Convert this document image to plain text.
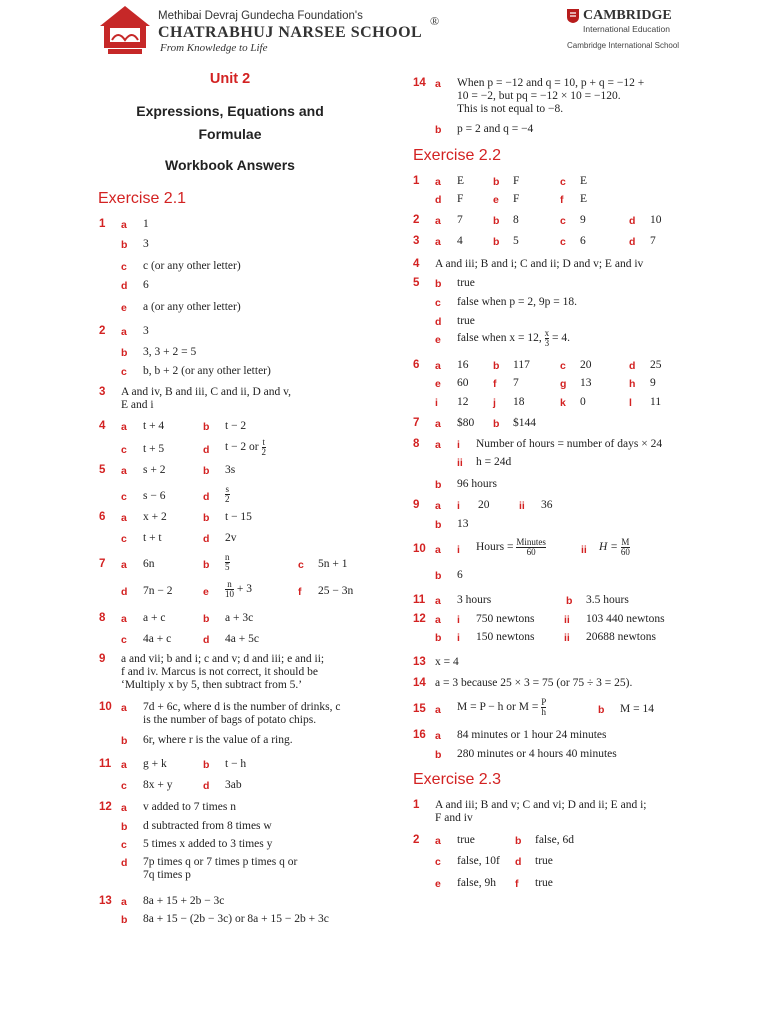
Methibai Devraj Gundecha Foundation's
CHATRABHUJ NARSEE SCHOOL
®
From Knowledge to Life
CAMBRIDGE
International Education
Cambridge International School
Unit 2
Expressions, Equations and
Formulae
Workbook Answers
Exercise 2.1
1 a 1
b 3
c c (or any other letter)
d 6
e a (or any other letter)
2 a 3
b 3, 3 + 2 = 5
c b, b + 2 (or any other letter)
3 A and iv, B and iii, C and ii, D and v,
E and i
4 a t + 4	b t − 2
c t + 5	d t − 2 or $\frac{t}{2}$
5 a s + 2	b 3s
c s − 6	d $\frac{s}{2}$
6 a x + 2	b t − 15
c t + t	d 2v
7 a 6n	b $\frac{n}{5}$	c 5n + 1
d 7n − 2	e $\frac{n}{10} + 3$	f 25 − 3n
8 a a + c	b a + 3c
c 4a + c	d 4a + 5c
9 a and vii; b and i; c and v; d and iii; e and ii;
f and iv. Marcus is not correct, it should be
‘Multiply x by 5, then subtract from 5.’
10 a 7d + 6c, where d is the number of drinks, c
is the number of bags of potato chips.
b 6r, where r is the value of a ring.
11 a g + k	b t − h
c 8x + y	d 3ab
12 a v added to 7 times n
b d subtracted from 8 times w
c 5 times x added to 3 times y
d 7p times q or 7 times p times q or
7q times p
13 a 8a + 15 + 2b − 3c
b 8a + 15 − (2b − 3c) or 8a + 15 − 2b + 3c
14 a When p = −12 and q = 10, p + q = −12 +
10 = −2, but pq = −12 × 10 = −120.
This is not equal to −8.
b p = 2 and q = −4
Exercise 2.2
1 a E	b F	c E
d F	e F	f E
2 a 7	b 8	c 9	d 10
3 a 4	b 5	c 6	d 7
4 A and iii; B and i; C and ii; D and v; E and iv
5 b true
c false when p = 2, 9p = 18.
d true
e false when x = 12, $\frac{x}{3} = 4$.
6 a 16 b 117	c 20	d 25
e 60 f 7	g 13	h 9
i 12 j 18	k 0	l 11
7 a $80 b $144
8 a i Number of hours = number of days × 24
ii h = 24d
b 96 hours
9 a i 20	ii 36
b 13
10 a i Hours = $\frac{\text{Minutes}}{60}$	ii $H = \frac{M}{60}$
b 6
11 a 3 hours	b 3.5 hours
12 a i 750 newtons	ii 103 440 newtons
b i 150 newtons	ii 20688 newtons
13 x = 4
14 a = 3 because 25 × 3 = 75 (or 75 ÷ 3 = 25).
15 a M = P − h or $M = \frac{P}{h}$	b M = 14
16 a 84 minutes or 1 hour 24 minutes
b 280 minutes or 4 hours 40 minutes
Exercise 2.3
1 A and iii; B and v; C and vi; D and ii; E and i;
F and iv
2 a true	b false, 6d
c false, 10f d true
e false, 9h f true
